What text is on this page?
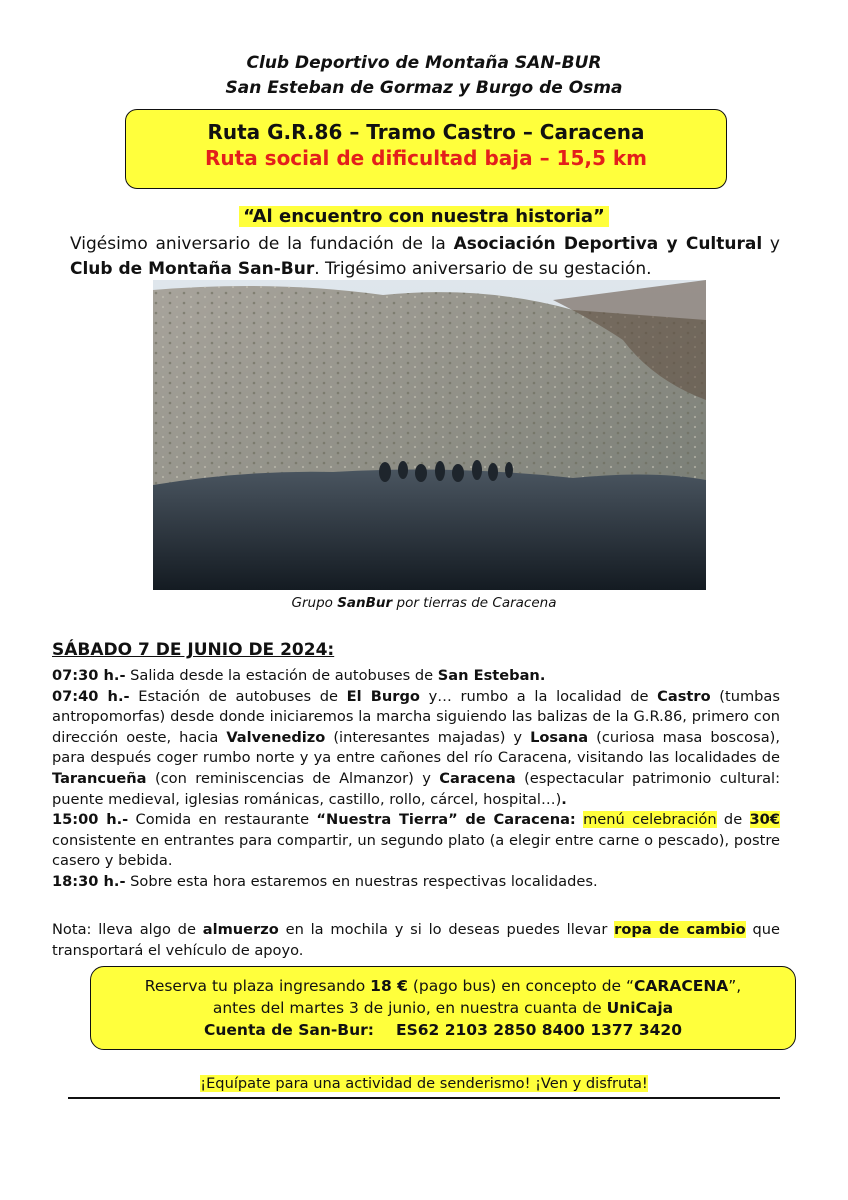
Club Deportivo de Montaña SAN-BUR
San Esteban de Gormaz y Burgo de Osma
Ruta G.R.86 – Tramo Castro – Caracena
Ruta social de dificultad baja – 15,5 km
“Al encuentro con nuestra historia”
Vigésimo aniversario de la fundación de la Asociación Deportiva y Cultural y Club de Montaña San-Bur. Trigésimo aniversario de su gestación.
Grupo SanBur por tierras de Caracena
SÁBADO 7 DE JUNIO DE 2024:

07:30 h.- Salida desde la estación de autobuses de San Esteban.

07:40 h.- Estación de autobuses de El Burgo y… rumbo a la localidad de Castro (tumbas antropomorfas) desde donde iniciaremos la marcha siguiendo las balizas de la G.R.86, primero con dirección oeste, hacia Valvenedizo (interesantes majadas) y Losana (curiosa masa boscosa), para después coger rumbo norte y ya entre cañones del río Caracena, visitando las localidades de Tarancueña (con reminiscencias de Almanzor) y Caracena (espectacular patrimonio cultural: puente medieval, iglesias románicas, castillo, rollo, cárcel, hospital…).

15:00 h.- Comida en restaurante “Nuestra Tierra” de Caracena: menú celebración de 30€ consistente en entrantes para compartir, un segundo plato (a elegir entre carne o pescado), postre casero y bebida.

18:30 h.- Sobre esta hora estaremos en nuestras respectivas localidades.

Nota: lleva algo de almuerzo en la mochila y si lo deseas puedes llevar ropa de cambio que transportará el vehículo de apoyo.
Reserva tu plaza ingresando 18 € (pago bus) en concepto de “CARACENA”,
antes del martes 3 de junio, en nuestra cuanta de UniCaja
Cuenta de San-Bur: ES62 2103 2850 8400 1377 3420
¡Equípate para una actividad de senderismo! ¡Ven y disfruta!
